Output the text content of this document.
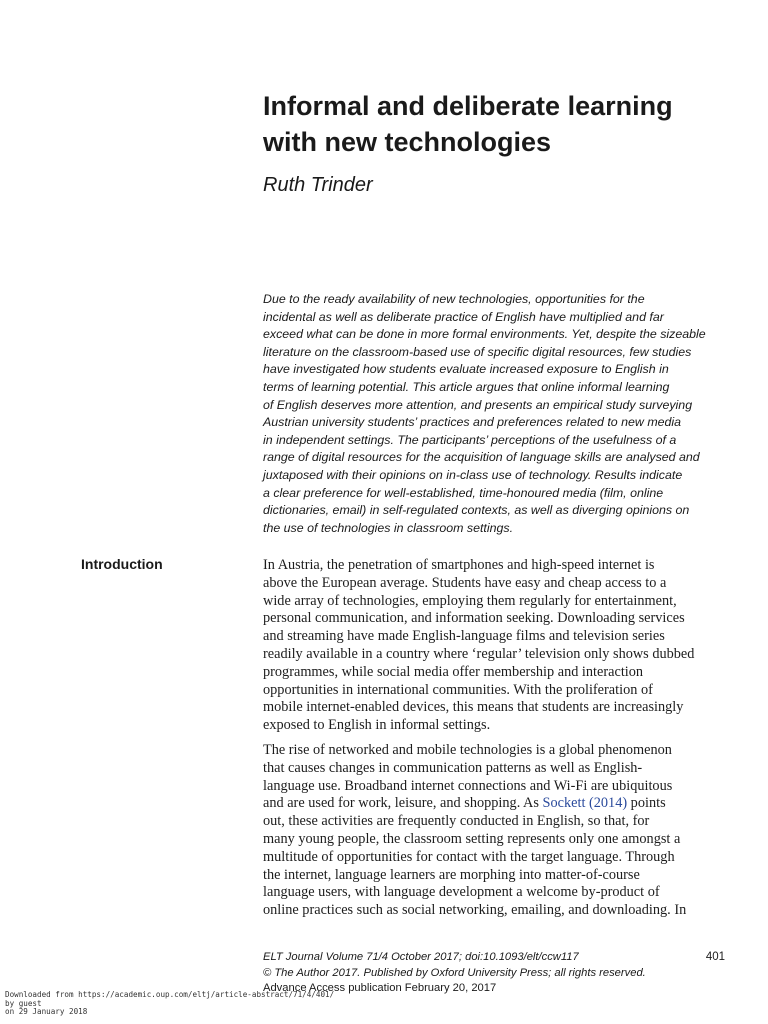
Informal and deliberate learning
with new technologies
Ruth Trinder
Due to the ready availability of new technologies, opportunities for the
incidental as well as deliberate practice of English have multiplied and far
exceed what can be done in more formal environments. Yet, despite the sizeable
literature on the classroom-based use of specific digital resources, few studies
have investigated how students evaluate increased exposure to English in
terms of learning potential. This article argues that online informal learning
of English deserves more attention, and presents an empirical study surveying
Austrian university students’ practices and preferences related to new media
in independent settings. The participants’ perceptions of the usefulness of a
range of digital resources for the acquisition of language skills are analysed and
juxtaposed with their opinions on in-class use of technology. Results indicate
a clear preference for well-established, time-honoured media (film, online
dictionaries, email) in self-regulated contexts, as well as diverging opinions on
the use of technologies in classroom settings.
Introduction	In Austria, the penetration of smartphones and high-speed internet is
above the European average. Students have easy and cheap access to a
wide array of technologies, employing them regularly for entertainment,
personal communication, and information seeking. Downloading services
and streaming have made English-language films and television series
readily available in a country where ‘regular’ television only shows dubbed
programmes, while social media offer membership and interaction
opportunities in international communities. With the proliferation of
mobile internet-enabled devices, this means that students are increasingly
exposed to English in informal settings.
The rise of networked and mobile technologies is a global phenomenon
that causes changes in communication patterns as well as English-
language use. Broadband internet connections and Wi-Fi are ubiquitous
and are used for work, leisure, and shopping. As Sockett (2014) points
out, these activities are frequently conducted in English, so that, for
many young people, the classroom setting represents only one amongst a
multitude of opportunities for contact with the target language. Through
the internet, language learners are morphing into matter-of-course
language users, with language development a welcome by-product of
online practices such as social networking, emailing, and downloading. In
ELT Journal Volume 71/4 October 2017; doi:10.1093/elt/ccw117
© The Author 2017. Published by Oxford University Press; all rights reserved.
Advance Access publication February 20, 2017
401
Downloaded from https://academic.oup.com/eltj/article-abstract/71/4/401/
by guest
on 29 January 2018
